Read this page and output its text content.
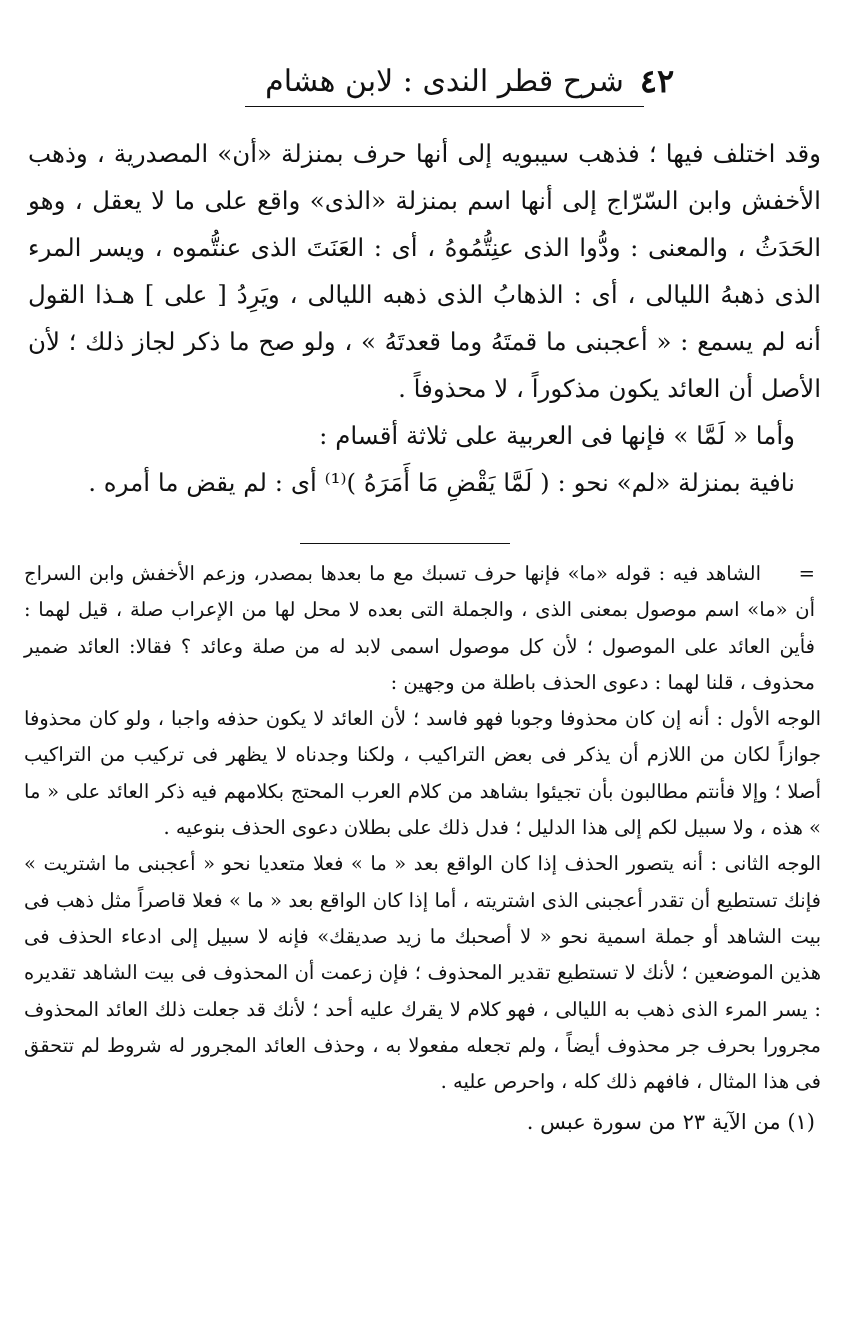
٤٢
شرح قطر الندى : لابن هشام

وقد اختلف فيها ؛ فذهب سيبويه إلى أنها حرف بمنزلة «أن» المصدرية ، وذهب الأخفش وابن السّرّاج إلى أنها اسم بمنزلة «الذى» واقع على ما لا يعقل ، وهو الحَدَثُ ، والمعنى : ودُّوا الذى عنِتُّمُوهُ ، أى : العَنَتَ الذى عنتُّموه ، ويسر المرء الذى ذهبهُ الليالى ، أى : الذهابُ الذى ذهبه الليالى ، ويَرِدُ [ على ] هـذا القول أنه لم يسمع : « أعجبنى ما قمتَهُ وما قعدتَهُ » ، ولو صح ما ذكر لجاز ذلك ؛ لأن الأصل أن العائد يكون مذكوراً ، لا محذوفاً .

وأما « لَمَّا » فإنها فى العربية على ثلاثة أقسام :

نافية بمنزلة «لم» نحو : ( لَمَّا يَقْضِ مَا أَمَرَهُ )⁽¹⁾ أى : لم يقض ما أمره .

=الشاهد فيه : قوله «ما» فإنها حرف تسبك مع ما بعدها بمصدر، وزعم الأخفش وابن السراج أن «ما» اسم موصول بمعنى الذى ، والجملة التى بعده لا محل لها من الإعراب صلة ، قيل لهما : فأين العائد على الموصول ؛ لأن كل موصول اسمى لابد له من صلة وعائد ؟ فقالا: العائد ضمير محذوف ، قلنا لهما : دعوى الحذف باطلة من وجهين :

الوجه الأول : أنه إن كان محذوفا وجوبا فهو فاسد ؛ لأن العائد لا يكون حذفه واجبا ، ولو كان محذوفا جوازاً لكان من اللازم أن يذكر فى بعض التراكيب ، ولكنا وجدناه لا يظهر فى تركيب من التراكيب أصلا ؛ وإلا فأنتم مطالبون بأن تجيئوا بشاهد من كلام العرب المحتج بكلامهم فيه ذكر العائد على « ما » هذه ، ولا سبيل لكم إلى هذا الدليل ؛ فدل ذلك على بطلان دعوى الحذف بنوعيه .

الوجه الثانى : أنه يتصور الحذف إذا كان الواقع بعد « ما » فعلا متعديا نحو « أعجبنى ما اشتريت » فإنك تستطيع أن تقدر أعجبنى الذى اشتريته ، أما إذا كان الواقع بعد « ما » فعلا قاصراً مثل ذهب فى بيت الشاهد أو جملة اسمية نحو « لا أصحبك ما زيد صديقك» فإنه لا سبيل إلى ادعاء الحذف فى هذين الموضعين ؛ لأنك لا تستطيع تقدير المحذوف ؛ فإن زعمت أن المحذوف فى بيت الشاهد تقديره : يسر المرء الذى ذهب به الليالى ، فهو كلام لا يقرك عليه أحد ؛ لأنك قد جعلت ذلك العائد المحذوف مجرورا بحرف جر محذوف أيضاً ، ولم تجعله مفعولا به ، وحذف العائد المجرور له شروط لم تتحقق فى هذا المثال ، فافهم ذلك كله ، واحرص عليه .

(١) من الآية ٢٣ من سورة عبس .
